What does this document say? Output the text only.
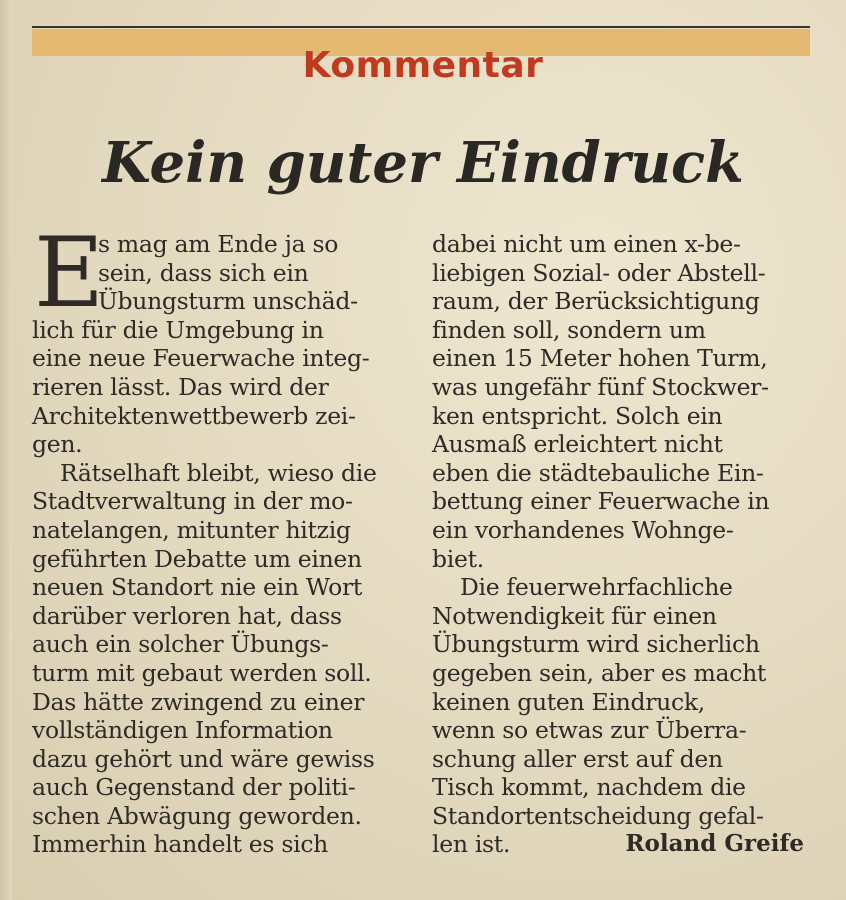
Kommentar
Kein guter Eindruck
E
s mag am Ende ja so
sein, dass sich ein
Übungsturm unschäd-
lich für die Umgebung in
eine neue Feuerwache integ-
rieren lässt. Das wird der
Architektenwettbewerb zei-
gen.
Rätselhaft bleibt, wieso die
Stadtverwaltung in der mo-
natelangen, mitunter hitzig
geführten Debatte um einen
neuen Standort nie ein Wort
darüber verloren hat, dass
auch ein solcher Übungs-
turm mit gebaut werden soll.
Das hätte zwingend zu einer
vollständigen Information
dazu gehört und wäre gewiss
auch Gegenstand der politi-
schen Abwägung geworden.
Immerhin handelt es sich
dabei nicht um einen x-be-
liebigen Sozial- oder Abstell-
raum, der Berücksichtigung
finden soll, sondern um
einen 15 Meter hohen Turm,
was ungefähr fünf Stockwer-
ken entspricht. Solch ein
Ausmaß erleichtert nicht
eben die städtebauliche Ein-
bettung einer Feuerwache in
ein vorhandenes Wohnge-
biet.
Die feuerwehrfachliche
Notwendigkeit für einen
Übungsturm wird sicherlich
gegeben sein, aber es macht
keinen guten Eindruck,
wenn so etwas zur Überra-
schung aller erst auf den
Tisch kommt, nachdem die
Standortentscheidung gefal-
len ist.	Roland Greife
